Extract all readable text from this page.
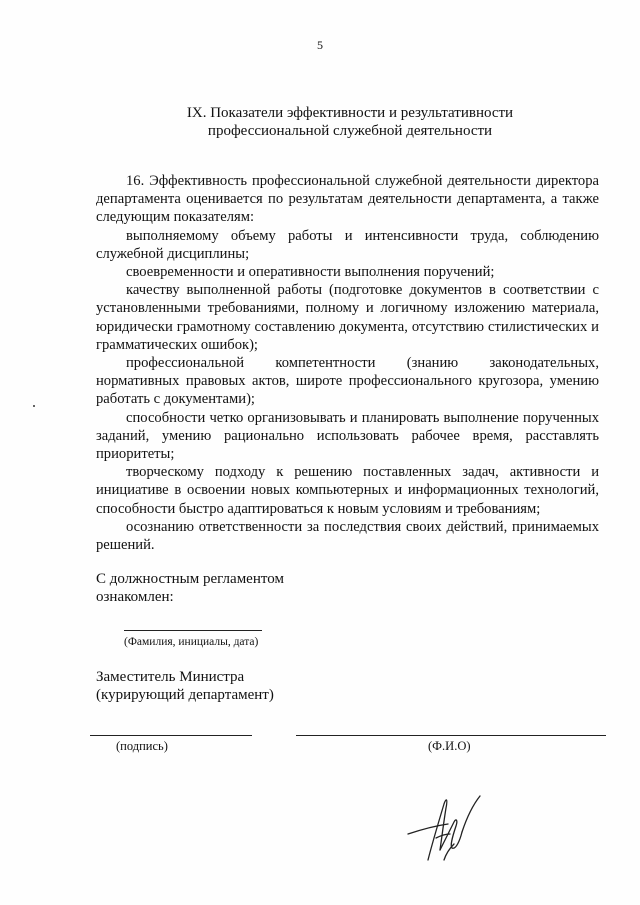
5
IX. Показатели эффективности и результативности
профессиональной служебной деятельности

16. Эффективность профессиональной служебной деятельности директора департамента оценивается по результатам деятельности департамента, а также следующим показателям:

выполняемому объему работы и интенсивности труда, соблюдению служебной дисциплины;

своевременности и оперативности выполнения поручений;

качеству выполненной работы (подготовке документов в соответствии с установленными требованиями, полному и логичному изложению материала, юридически грамотному составлению документа, отсутствию стилистических и грамматических ошибок);

профессиональной компетентности (знанию законодательных, нормативных правовых актов, широте профессионального кругозора, умению работать с документами);

способности четко организовывать и планировать выполнение порученных заданий, умению рационально использовать рабочее время, расставлять приоритеты;

творческому подходу к решению поставленных задач, активности и инициативе в освоении новых компьютерных и информационных технологий, способности быстро адаптироваться к новым условиям и требованиям;

осознанию ответственности за последствия своих действий, принимаемых решений.

С должностным регламентом
ознакомлен:
(Фамилия, инициалы, дата)
Заместитель Министра
(курирующий департамент)
(подпись)	(Ф.И.О)
